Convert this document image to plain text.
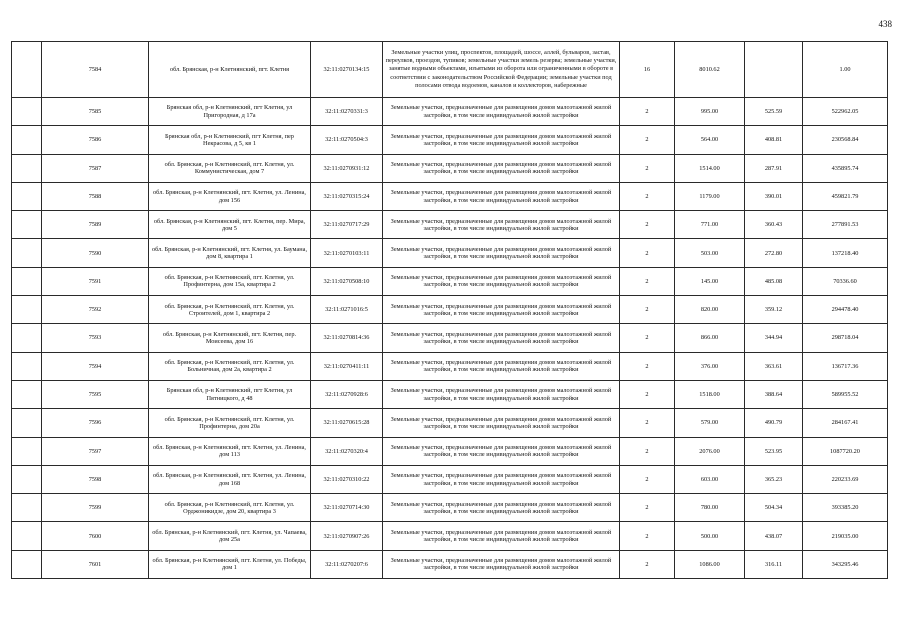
438
	7584	обл. Брянская, р-н Клетнянский, пгт. Клетня	32:11:0270134:15	Земельные участки улиц, проспектов, площадей, шоссе, аллей, бульваров, застав, переулков, проездов, тупиков; земельные участки земель резерва; земельные участки, занятые водными объектами, изъятыми из оборота или ограниченными в обороте в соответствии с законодательством Российской Федерации; земельные участки под полосами отвода водоемов, каналов и коллекторов, набережные	16	8010.62		1.00
	7585	Брянская обл, р-н Клетнянский, пгт Клетня, ул Пригородная, д 17а	32:11:0270331:3	Земельные участки, предназначенные для размещения домов малоэтажной жилой застройки, в том числе индивидуальной жилой застройки	2	995.00	525.59	522962.05
	7586	Брянская обл, р-н Клетнянский, пгт Клетня, пер Некрасова, д 5, кв 1	32:11:0270504:3	Земельные участки, предназначенные для размещения домов малоэтажной жилой застройки, в том числе индивидуальной жилой застройки	2	564.00	408.81	230568.84
	7587	обл. Брянская, р-н Клетнянский, пгт. Клетня, ул. Коммунистическая, дом 7	32:11:0270931:12	Земельные участки, предназначенные для размещения домов малоэтажной жилой застройки, в том числе индивидуальной жилой застройки	2	1514.00	287.91	435895.74
	7588	обл. Брянская, р-н Клетнянский, пгт. Клетня, ул. Ленина, дом 156	32:11:0270315:24	Земельные участки, предназначенные для размещения домов малоэтажной жилой застройки, в том числе индивидуальной жилой застройки	2	1179.00	390.01	459821.79
	7589	обл. Брянская, р-н Клетнянский, пгт. Клетня, пер. Мира, дом 5	32:11:0270717:29	Земельные участки, предназначенные для размещения домов малоэтажной жилой застройки, в том числе индивидуальной жилой застройки	2	771.00	360.43	277891.53
	7590	обл. Брянская, р-н Клетнянский, пгт. Клетня, ул. Баумана, дом 8, квартира 1	32:11:0270103:11	Земельные участки, предназначенные для размещения домов малоэтажной жилой застройки, в том числе индивидуальной жилой застройки	2	503.00	272.80	137218.40
	7591	обл. Брянская, р-н Клетнянский, пгт. Клетня, ул. Профинтерна, дом 15а, квартира 2	32:11:0270508:10	Земельные участки, предназначенные для размещения домов малоэтажной жилой застройки, в том числе индивидуальной жилой застройки	2	145.00	485.08	70336.60
	7592	обл. Брянская, р-н Клетнянский, пгт. Клетня, ул. Строителей, дом 1, квартира 2	32:11:0271016:5	Земельные участки, предназначенные для размещения домов малоэтажной жилой застройки, в том числе индивидуальной жилой застройки	2	820.00	359.12	294478.40
	7593	обл. Брянская, р-н Клетнянский, пгт. Клетня, пер. Моисеева, дом 16	32:11:0270814:36	Земельные участки, предназначенные для размещения домов малоэтажной жилой застройки, в том числе индивидуальной жилой застройки	2	866.00	344.94	298718.04
	7594	обл. Брянская, р-н Клетнянский, пгт. Клетня, ул. Больничная, дом 2а, квартира 2	32:11:0270411:11	Земельные участки, предназначенные для размещения домов малоэтажной жилой застройки, в том числе индивидуальной жилой застройки	2	376.00	363.61	136717.36
	7595	Брянская обл, р-н Клетнянский, пгт Клетня, ул Пятницкого, д 48	32:11:0270928:6	Земельные участки, предназначенные для размещения домов малоэтажной жилой застройки, в том числе индивидуальной жилой застройки	2	1518.00	388.64	589955.52
	7596	обл. Брянская, р-н Клетнянский, пгт. Клетня, ул. Профинтерна, дом 20а	32:11:0270615:28	Земельные участки, предназначенные для размещения домов малоэтажной жилой застройки, в том числе индивидуальной жилой застройки	2	579.00	490.79	284167.41
	7597	обл. Брянская, р-н Клетнянский, пгт. Клетня, ул. Ленина, дом 113	32:11:0270320:4	Земельные участки, предназначенные для размещения домов малоэтажной жилой застройки, в том числе индивидуальной жилой застройки	2	2076.00	523.95	1087720.20
	7598	обл. Брянская, р-н Клетнянский, пгт. Клетня, ул. Ленина, дом 168	32:11:0270310:22	Земельные участки, предназначенные для размещения домов малоэтажной жилой застройки, в том числе индивидуальной жилой застройки	2	603.00	365.23	220233.69
	7599	обл. Брянская, р-н Клетнянский, пгт. Клетня, ул. Орджоникидзе, дом 20, квартира 3	32:11:0270714:30	Земельные участки, предназначенные для размещения домов малоэтажной жилой застройки, в том числе индивидуальной жилой застройки	2	780.00	504.34	393385.20
	7600	обл. Брянская, р-н Клетнянский, пгт. Клетня, ул. Чапаева, дом 25а	32:11:0270907:26	Земельные участки, предназначенные для размещения домов малоэтажной жилой застройки, в том числе индивидуальной жилой застройки	2	500.00	438.07	219035.00
	7601	обл. Брянская, р-н Клетнянский, пгт. Клетня, ул. Победы, дом 1	32:11:0270207:6	Земельные участки, предназначенные для размещения домов малоэтажной жилой застройки, в том числе индивидуальной жилой застройки	2	1086.00	316.11	343295.46
